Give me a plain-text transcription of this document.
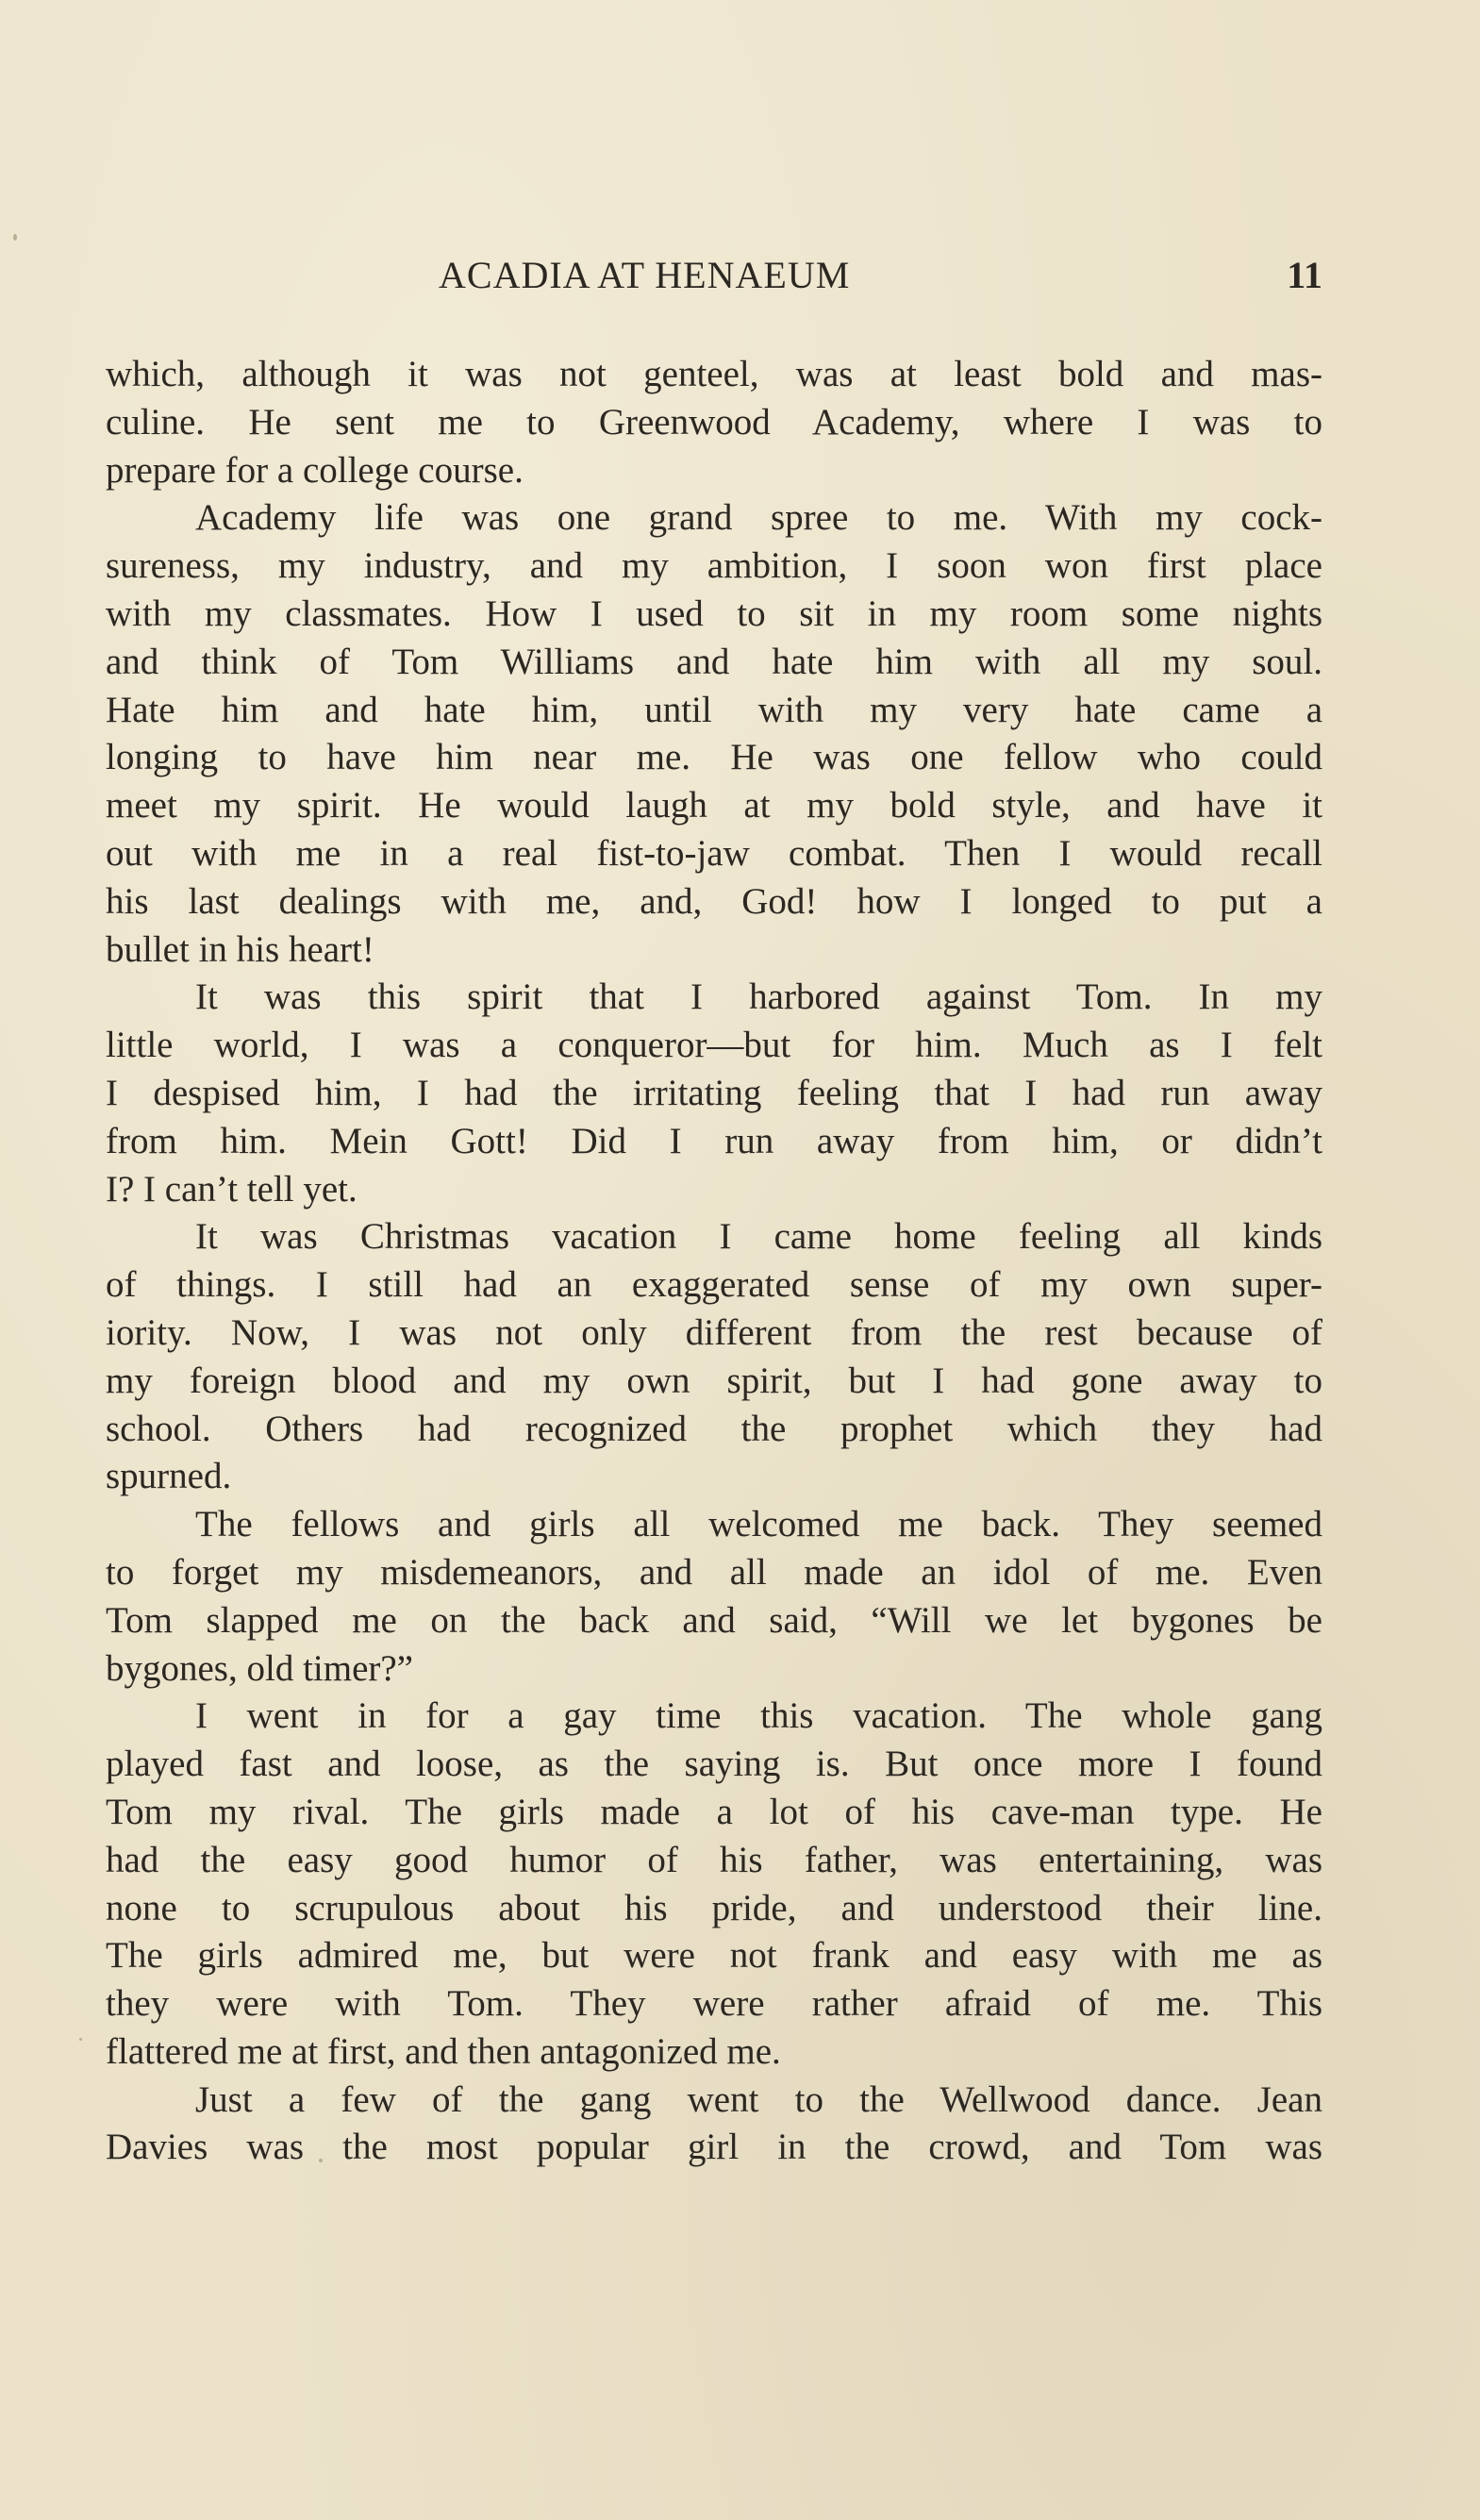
ACADIA AT HENAEUM	11
which, although it was not genteel, was at least bold and mas-
culine. He sent me to Greenwood Academy, where I was to
prepare for a college course.
Academy life was one grand spree to me. With my cock-
sureness, my industry, and my ambition, I soon won first place
with my classmates. How I used to sit in my room some nights
and think of Tom Williams and hate him with all my soul.
Hate him and hate him, until with my very hate came a
longing to have him near me. He was one fellow who could
meet my spirit. He would laugh at my bold style, and have it
out with me in a real fist-to-jaw combat. Then I would recall
his last dealings with me, and, God! how I longed to put a
bullet in his heart!
It was this spirit that I harbored against Tom. In my
little world, I was a conqueror—but for him. Much as I felt
I despised him, I had the irritating feeling that I had run away
from him. Mein Gott! Did I run away from him, or didn’t
I? I can’t tell yet.
It was Christmas vacation I came home feeling all kinds
of things. I still had an exaggerated sense of my own super-
iority. Now, I was not only different from the rest because of
my foreign blood and my own spirit, but I had gone away to
school. Others had recognized the prophet which they had
spurned.
The fellows and girls all welcomed me back. They seemed
to forget my misdemeanors, and all made an idol of me. Even
Tom slapped me on the back and said, “Will we let bygones be
bygones, old timer?”
I went in for a gay time this vacation. The whole gang
played fast and loose, as the saying is. But once more I found
Tom my rival. The girls made a lot of his cave-man type. He
had the easy good humor of his father, was entertaining, was
none to scrupulous about his pride, and understood their line.
The girls admired me, but were not frank and easy with me as
they were with Tom. They were rather afraid of me. This
flattered me at first, and then antagonized me.
Just a few of the gang went to the Wellwood dance. Jean
Davies was the most popular girl in the crowd, and Tom was
